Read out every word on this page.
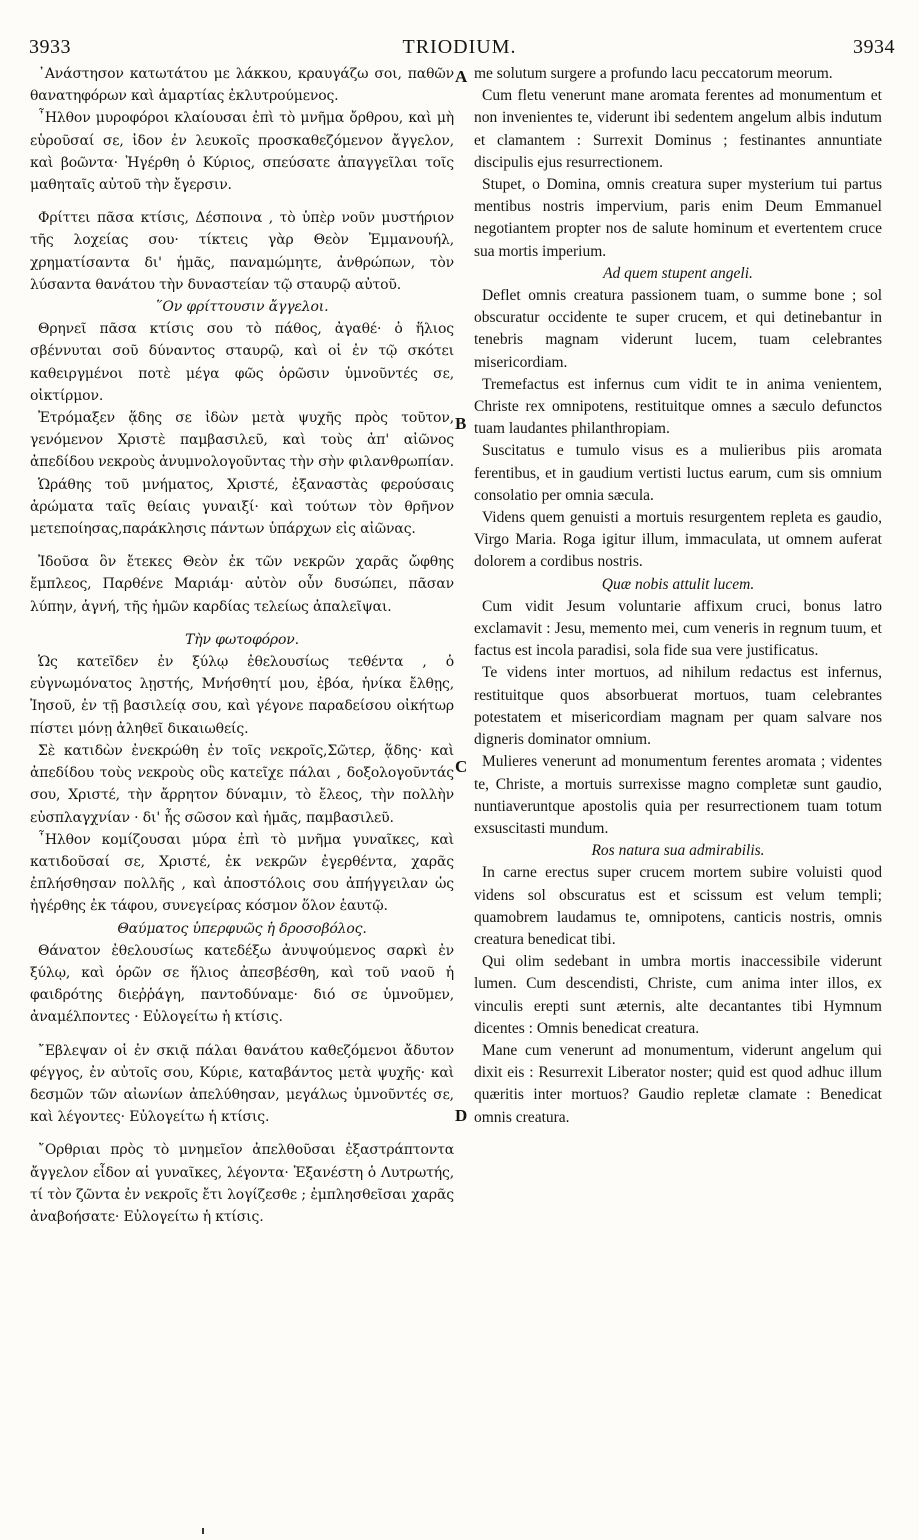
3933	TRIODIUM.	3934
A
B
C
D

᾿Ανάστησον κατωτάτου με λάκκου, κραυγάζω σοι, παθῶν θανατηφόρων καὶ ἁμαρτίας ἐκλυτρούμενος.

῏Ηλθον μυροφόροι κλαίουσαι ἐπὶ τὸ μνῆμα ὄρθρου, καὶ μὴ εὑροῦσαί σε, ἰδον ἐν λευκοῖς προσκαθεζόμενον ἄγγελον, καὶ βοῶντα· Ἠγέρθη ὁ Κύριος, σπεύσατε ἀπαγγεῖλαι τοῖς μαθηταῖς αὐτοῦ τὴν ἔγερσιν.

Φρίττει πᾶσα κτίσις, Δέσποινα , τὸ ὑπὲρ νοῦν μυστήριον τῆς λοχείας σου· τίκτεις γὰρ Θεὸν Ἐμμανουήλ, χρηματίσαντα δι' ἡμᾶς, παναμώμητε, ἀνθρώπων, τὸν λύσαντα θανάτου τὴν δυναστείαν τῷ σταυρῷ αὐτοῦ.

῞Ον φρίττουσιν ἄγγελοι.

Θρηνεῖ πᾶσα κτίσις σου τὸ πάθος, ἀγαθέ· ὁ ἥλιος σβέννυται σοῦ δύναντος σταυρῷ, καὶ οἱ ἐν τῷ σκότει καθειργμένοι ποτὲ μέγα φῶς ὁρῶσιν ὑμνοῦντές σε, οἰκτίρμον.

Ἐτρόμαξεν ᾅδης σε ἰδὼν μετὰ ψυχῆς πρὸς τοῦτον, γενόμενον Χριστὲ παμβασιλεῦ, καὶ τοὺς ἀπ' αἰῶνος ἀπεδίδου νεκροὺς ἀνυμνολογοῦντας τὴν σὴν φιλανθρωπίαν.

Ὡράθης τοῦ μνήματος, Χριστέ, ἐξαναστὰς φερούσαις ἀρώματα ταῖς θείαις γυναιξί· καὶ τούτων τὸν θρῆνον μετεποίησας,παράκλησις πάντων ὑπάρχων εἰς αἰῶνας.

Ἰδοῦσα ὃν ἔτεκες Θεὸν ἐκ τῶν νεκρῶν χαρᾶς ὤφθης ἔμπλεος, Παρθένε Μαριάμ· αὐτὸν οὖν δυσώπει, πᾶσαν λύπην, ἁγνή, τῆς ἡμῶν καρδίας τελείως ἀπαλεῖψαι.

Τὴν φωτοφόρον.

Ὡς κατεῖδεν ἐν ξύλῳ ἐθελουσίως τεθέντα , ὁ εὐγνωμόνατος λῃστής, Μνήσθητί μου, ἐβόα, ἡνίκα ἔλθῃς, Ἰησοῦ, ἐν τῇ βασιλείᾳ σου, καὶ γέγονε παραδείσου οἰκήτωρ πίστει μόνῃ ἀληθεῖ δικαιωθείς.

Σὲ κατιδὼν ἐνεκρώθη ἐν τοῖς νεκροῖς,Σῶτερ, ᾅδης· καὶ ἀπεδίδου τοὺς νεκροὺς οὓς κατεῖχε πάλαι , δοξολογοῦντάς σου, Χριστέ, τὴν ἄρρητον δύναμιν, τὸ ἔλεος, τὴν πολλὴν εὐσπλαγχνίαν · δι' ἧς σῶσον καὶ ἡμᾶς, παμβασιλεῦ.

῏Ηλθον κομίζουσαι μύρα ἐπὶ τὸ μνῆμα γυναῖκες, καὶ κατιδοῦσαί σε, Χριστέ, ἐκ νεκρῶν ἐγερθέντα, χαρᾶς ἐπλήσθησαν πολλῆς , καὶ ἀποστόλοις σου ἀπήγγειλαν ὡς ἠγέρθης ἐκ τάφου, συνεγείρας κόσμον ὅλον ἑαυτῷ.

Θαύματος ὑπερφυῶς ἡ δροσοβόλος.

Θάνατον ἐθελουσίως κατεδέξω ἀνυψούμενος σαρκὶ ἐν ξύλῳ, καὶ ὁρῶν σε ἥλιος ἀπεσβέσθη, καὶ τοῦ ναοῦ ἡ φαιδρότης διεῤῥάγη, παντοδύναμε· διό σε ὑμνοῦμεν, ἀναμέλποντες · Εὐλογείτω ἡ κτίσις.

῎Εβλεψαν οἱ ἐν σκιᾷ πάλαι θανάτου καθεζόμενοι ἄδυτον φέγγος, ἐν αὐτοῖς σου, Κύριε, καταβάντος μετὰ ψυχῆς· καὶ δεσμῶν τῶν αἰωνίων ἀπελύθησαν, μεγάλως ὑμνοῦντές σε, καὶ λέγοντες· Εὐλογείτω ἡ κτίσις.

῎Ορθριαι πρὸς τὸ μνημεῖον ἀπελθοῦσαι ἐξαστράπτοντα ἄγγελον εἶδον αἱ γυναῖκες, λέγοντα· Ἐξανέστη ὁ Λυτρωτής, τί τὸν ζῶντα ἐν νεκροῖς ἔτι λογίζεσθε ; ἐμπλησθεῖσαι χαρᾶς ἀναβοήσατε· Εὐλογείτω ἡ κτίσις.

me solutum surgere a profundo lacu peccatorum meorum.

Cum fletu venerunt mane aromata ferentes ad monumentum et non invenientes te, viderunt ibi sedentem angelum albis indutum et clamantem : Surrexit Dominus ; festinantes annuntiate discipulis ejus resurrectionem.

Stupet, o Domina, omnis creatura super mysterium tui partus mentibus nostris impervium, paris enim Deum Emmanuel negotiantem propter nos de salute hominum et evertentem cruce sua mortis imperium.

Ad quem stupent angeli.

Deflet omnis creatura passionem tuam, o summe bone ; sol obscuratur occidente te super crucem, et qui detinebantur in tenebris magnam viderunt lucem, tuam celebrantes misericordiam.

Tremefactus est infernus cum vidit te in anima venientem, Christe rex omnipotens, restituitque omnes a sæculo defunctos tuam laudantes philanthropiam.

Suscitatus e tumulo visus es a mulieribus piis aromata ferentibus, et in gaudium vertisti luctus earum, cum sis omnium consolatio per omnia sæcula.

Videns quem genuisti a mortuis resurgentem repleta es gaudio, Virgo Maria. Roga igitur illum, immaculata, ut omnem auferat dolorem a cordibus nostris.

Quæ nobis attulit lucem.

Cum vidit Jesum voluntarie affixum cruci, bonus latro exclamavit : Jesu, memento mei, cum veneris in regnum tuum, et factus est incola paradisi, sola fide sua vere justificatus.

Te videns inter mortuos, ad nihilum redactus est infernus, restituitque quos absorbuerat mortuos, tuam celebrantes potestatem et misericordiam magnam per quam salvare nos digneris dominator omnium.

Mulieres venerunt ad monumentum ferentes aromata ; videntes te, Christe, a mortuis surrexisse magno completæ sunt gaudio, nuntiaveruntque apostolis quia per resurrectionem tuam totum exsuscitasti mundum.

Ros natura sua admirabilis.

In carne erectus super crucem mortem subire voluisti quod videns sol obscuratus est et scissum est velum templi; quamobrem laudamus te, omnipotens, canticis nostris, omnis creatura benedicat tibi.

Qui olim sedebant in umbra mortis inaccessibile viderunt lumen. Cum descendisti, Christe, cum anima inter illos, ex vinculis erepti sunt æternis, alte decantantes tibi Hymnum dicentes : Omnis benedicat creatura.

Mane cum venerunt ad monumentum, viderunt angelum qui dixit eis : Resurrexit Liberator noster; quid est quod adhuc illum quæritis inter mortuos? Gaudio repletæ clamate : Benedicat omnis creatura.
